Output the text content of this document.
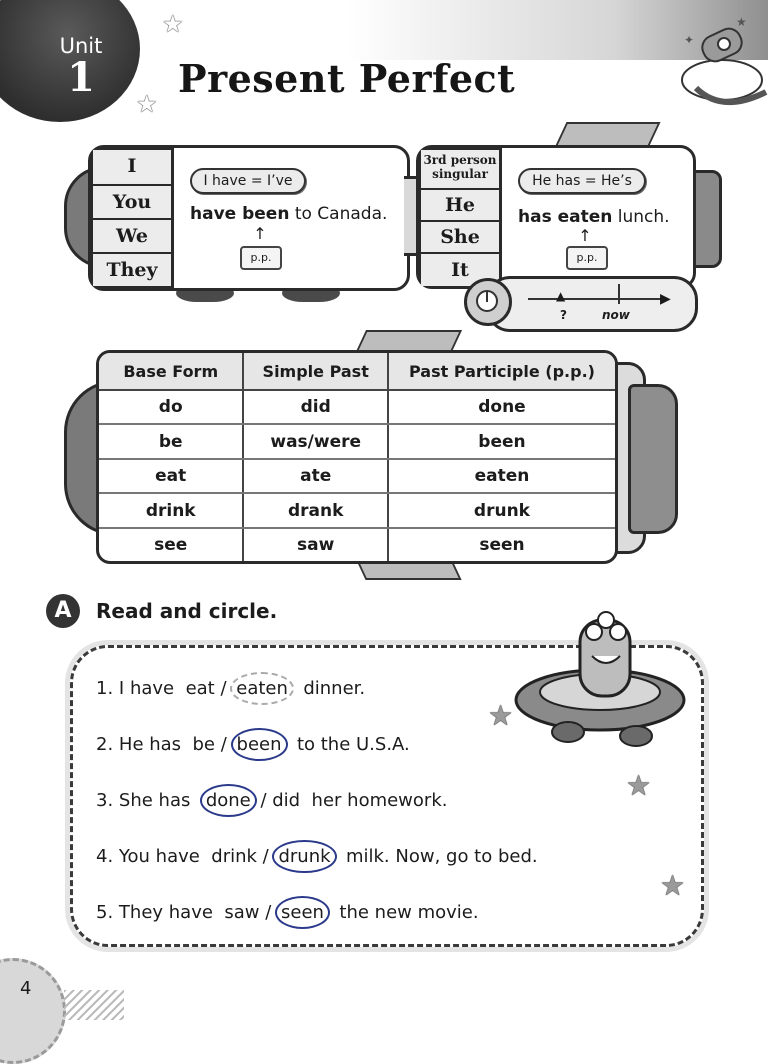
Unit
1
★
★
Present Perfect
✦
★
I
You
We
They
I have = I’ve
have been to Canada.
↑
p.p.
3rd person singular
He
She
It
He has = He’s
has eaten lunch.
↑
p.p.
▶
▲
?	now
Base Form	Simple Past	Past Participle (p.p.)
do	did	done
be	was/were	been
eat	ate	eaten
drink	drank	drunk
see	saw	seen
A	Read and circle.
1. I have  eat / eaten  dinner.
2. He has  be / been  to the U.S.A.
3. She has  done / did  her homework.
4. You have  drink / drunk  milk. Now, go to bed.
5. They have  saw / seen  the new movie.
★
★
★
4
